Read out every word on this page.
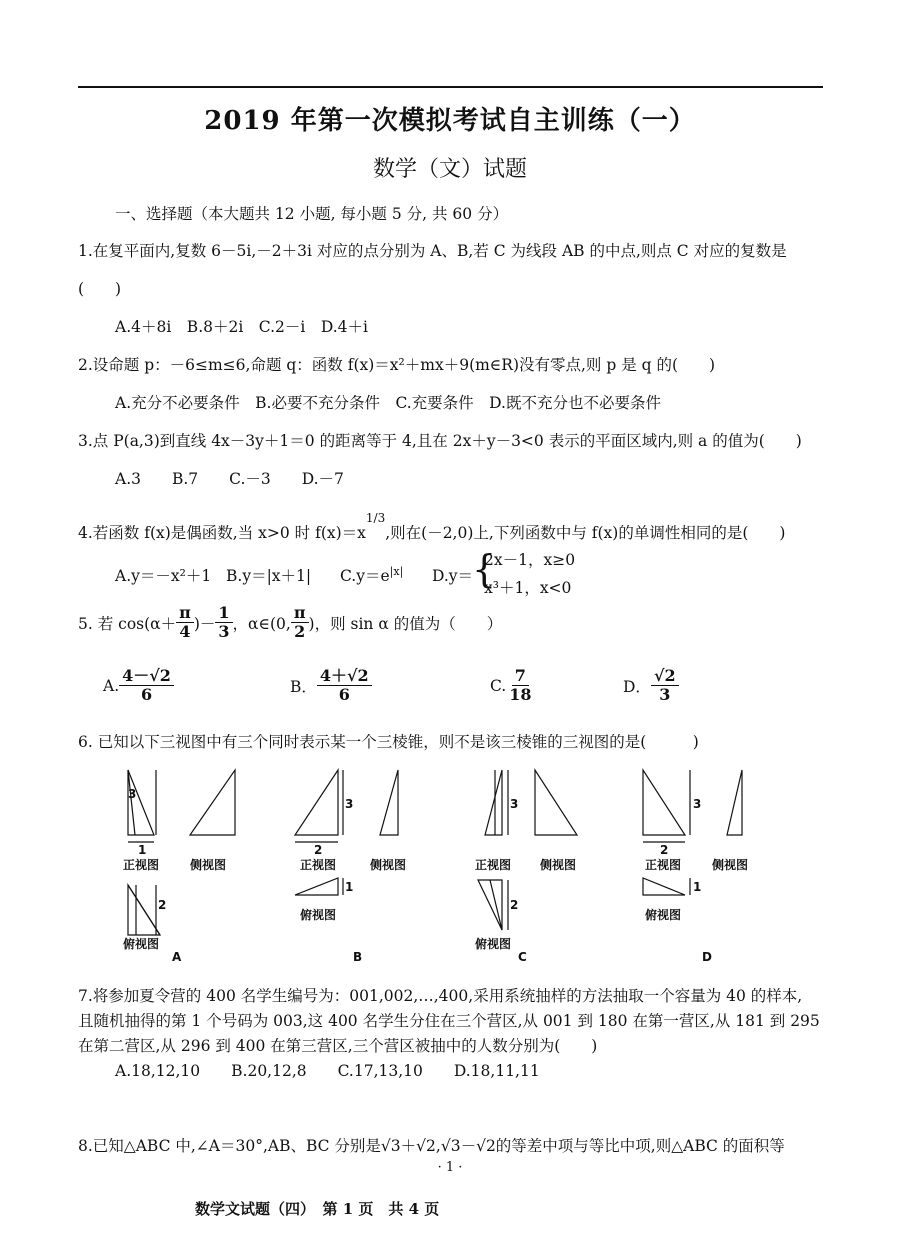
2019 年第一次模拟考试自主训练（一）
数学（文）试题
一、选择题（本大题共 12 小题, 每小题 5 分, 共 60 分）
1.在复平面内,复数 6－5i,－2＋3i 对应的点分别为 A、B,若 C 为线段 AB 的中点,则点 C 对应的复数是
(　　)
A.4＋8i　B.8＋2i　C.2－i　D.4＋i
2.设命题 p：－6≤m≤6,命题 q：函数 f(x)＝x²＋mx＋9(m∈R)没有零点,则 p 是 q 的(　　)
A.充分不必要条件　B.必要不充分条件　C.充要条件　D.既不充分也不必要条件
3.点 P(a,3)到直线 4x－3y＋1＝0 的距离等于 4,且在 2x＋y－3<0 表示的平面区域内,则 a 的值为(　　)
A.3　　B.7　　C.－3　　D.－7
4.若函数 f(x)是偶函数,当 x>0 时 $f(x)=x^{1/3}$,则在(－2,0)上,下列函数中与 f(x)的单调性相同的是(　　)
A.y＝－x²＋1 B.y＝|x＋1| $C.y=e^{|x|}$ D.y＝
{
2x－1，x≥0
x³＋1，x<0
5. 若 $\cos(\alpha+ \frac{\pi}{4}$ )－ $\frac{1}{3}$ ，α∈(0, $\frac{\pi}{2}$ )，则 sin α 的值为（　　）
A. $\frac{4-√2}{6}$	B． $\frac{4+√2}{6}$	C. $\frac{7}{18}$	D． $\frac{√2}{3}$
6. 已知以下三视图中有三个同时表示某一个三棱锥，则不是该三棱锥的三视图的是(　　　)
3
1
正视图	侧视图
2
俯视图
A
3
2
正视图	侧视图
1
俯视图
B
3
正视图 侧视图
2
俯视图
C
3
2
正视图	侧视图
1
俯视图
D
7.将参加夏令营的 400 名学生编号为：001,002,…,400,采用系统抽样的方法抽取一个容量为 40 的样本,
且随机抽得的第 1 个号码为 003,这 400 名学生分住在三个营区,从 001 到 180 在第一营区,从 181 到 295
在第二营区,从 296 到 400 在第三营区,三个营区被抽中的人数分别为(　　)
A.18,12,10　　B.20,12,8　　C.17,13,10　　D.18,11,11
8.已知△ABC 中,∠A＝30°,AB、BC 分别是√3＋√2,√3－√2的等差中项与等比中项,则△ABC 的面积等
· 1 ·
数学文试题（四）　第 1 页　共 4 页
